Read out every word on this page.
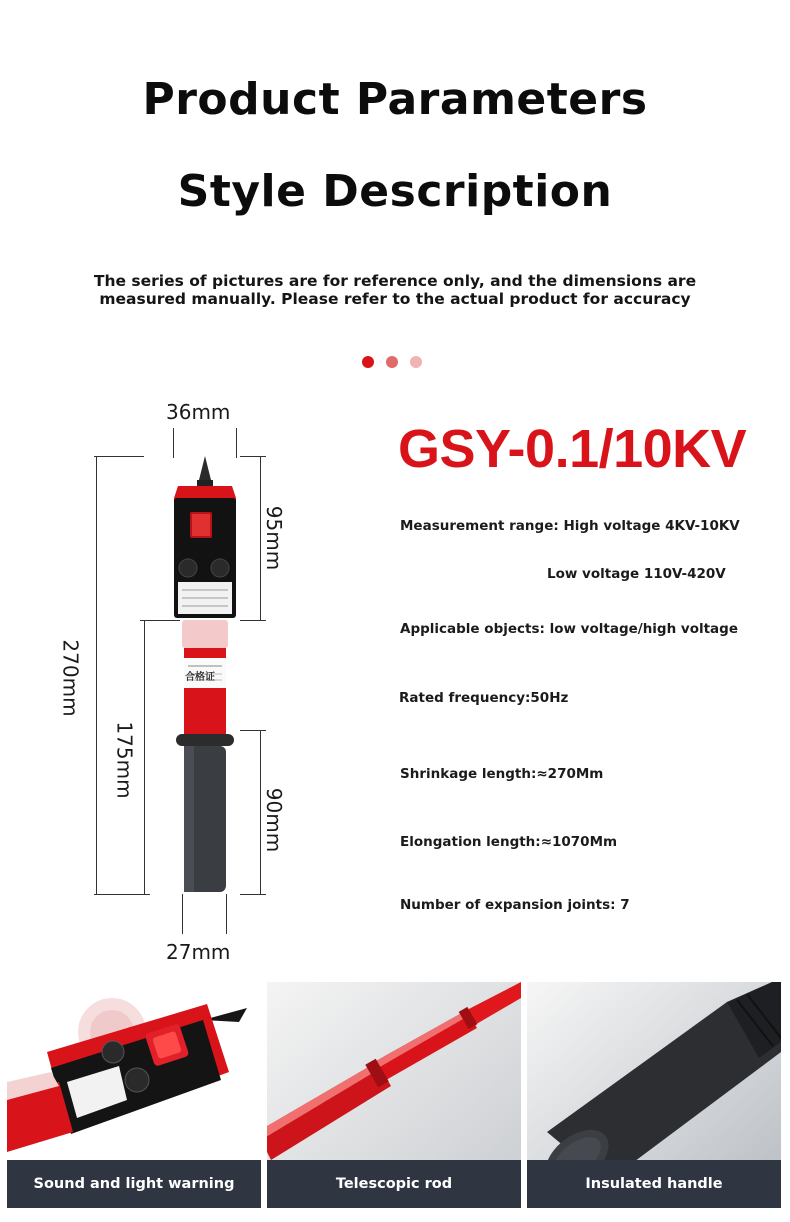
Product Parameters
Style Description
The series of pictures are for reference only, and the dimensions are
measured manually. Please refer to the actual product for accuracy
36mm
270mm
175mm
95mm
90mm
27mm
合格证
GSY-0.1/10KV
Measurement range: High voltage 4KV-10KV
Low voltage 110V-420V
Applicable objects: low voltage/high voltage
Rated frequency:50Hz
Shrinkage length:≈270Mm
Elongation length:≈1070Mm
Number of expansion joints: 7
Sound and light warning	Telescopic rod	Insulated handle
